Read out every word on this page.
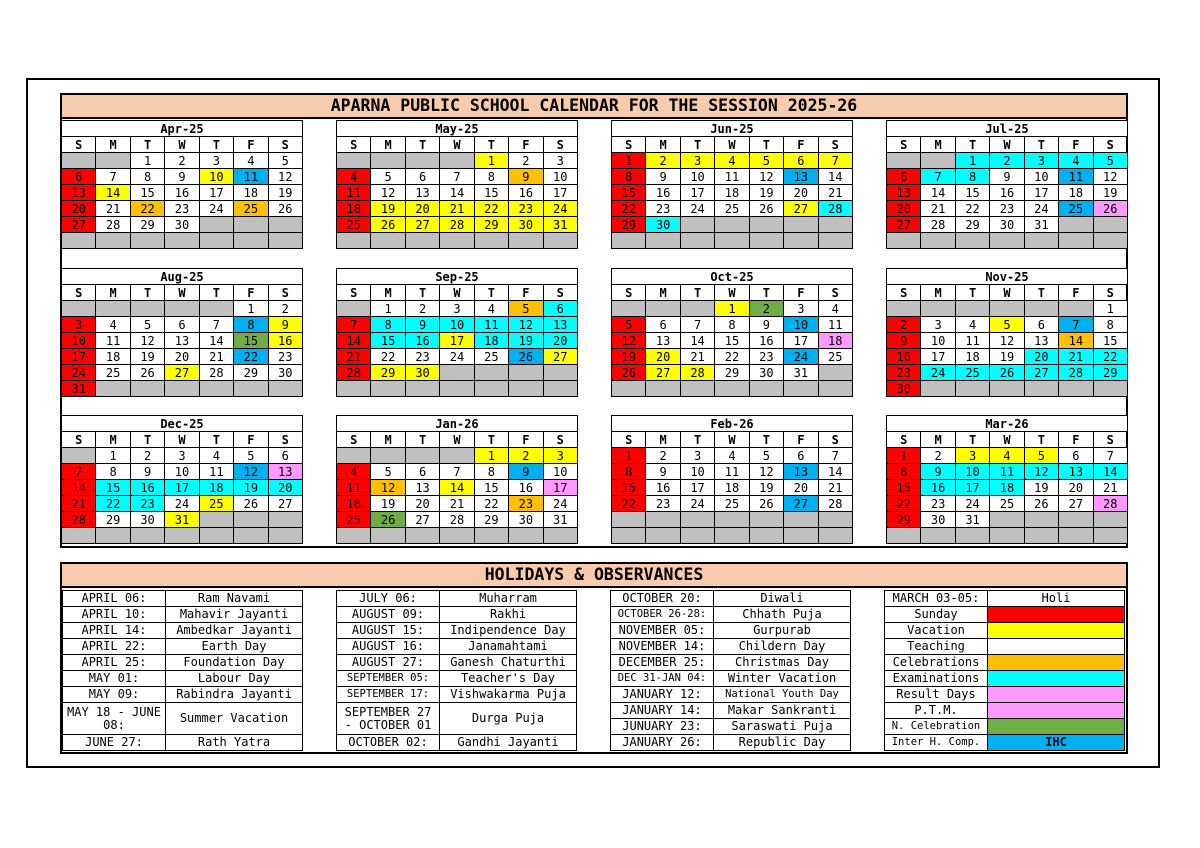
APARNA PUBLIC SCHOOL CALENDAR FOR THE SESSION 2025-26
Apr-25						
S	M	T	W	T	F	S
		1	2	3	4	5
6	7	8	9	10	11	12
13	14	15	16	17	18	19
20	21	22	23	24	25	26
27	28	29	30			

May-25						
S	M	T	W	T	F	S
				1	2	3
4	5	6	7	8	9	10
11	12	13	14	15	16	17
18	19	20	21	22	23	24
25	26	27	28	29	30	31

Jun-25						
S	M	T	W	T	F	S
1	2	3	4	5	6	7
8	9	10	11	12	13	14
15	16	17	18	19	20	21
22	23	24	25	26	27	28
29	30					

Jul-25						
S	M	T	W	T	F	S
		1	2	3	4	5
6	7	8	9	10	11	12
13	14	15	16	17	18	19
20	21	22	23	24	25	26
27	28	29	30	31		

Aug-25						
S	M	T	W	T	F	S
					1	2
3	4	5	6	7	8	9
10	11	12	13	14	15	16
17	18	19	20	21	22	23
24	25	26	27	28	29	30
31						
Sep-25						
S	M	T	W	T	F	S
	1	2	3	4	5	6
7	8	9	10	11	12	13
14	15	16	17	18	19	20
21	22	23	24	25	26	27
28	29	30				

Oct-25						
S	M	T	W	T	F	S
			1	2	3	4
5	6	7	8	9	10	11
12	13	14	15	16	17	18
19	20	21	22	23	24	25
26	27	28	29	30	31	

Nov-25						
S	M	T	W	T	F	S
						1
2	3	4	5	6	7	8
9	10	11	12	13	14	15
16	17	18	19	20	21	22
23	24	25	26	27	28	29
30						
Dec-25						
S	M	T	W	T	F	S
	1	2	3	4	5	6
7	8	9	10	11	12	13
14	15	16	17	18	19	20
21	22	23	24	25	26	27
28	29	30	31			

Jan-26						
S	M	T	W	T	F	S
				1	2	3
4	5	6	7	8	9	10
11	12	13	14	15	16	17
18	19	20	21	22	23	24
25	26	27	28	29	30	31

Feb-26						
S	M	T	W	T	F	S
1	2	3	4	5	6	7
8	9	10	11	12	13	14
15	16	17	18	19	20	21
22	23	24	25	26	27	28

Mar-26						
S	M	T	W	T	F	S
1	2	3	4	5	6	7
8	9	10	11	12	13	14
15	16	17	18	19	20	21
22	23	24	25	26	27	28
29	30	31				

HOLIDAYS & OBSERVANCES
APRIL 06:	Ram Navami
APRIL 10:	Mahavir Jayanti
APRIL 14:	Ambedkar Jayanti
APRIL 22:	Earth Day
APRIL 25:	Foundation Day
MAY 01:	Labour Day
MAY 09:	Rabindra Jayanti
MAY 18 - JUNE 08:	Summer Vacation
JUNE 27:	Rath Yatra
JULY 06:	Muharram
AUGUST 09:	Rakhi
AUGUST 15:	Indipendence Day
AUGUST 16:	Janamahtami
AUGUST 27:	Ganesh Chaturthi
SEPTEMBER 05:	Teacher's Day
SEPTEMBER 17:	Vishwakarma Puja
SEPTEMBER 27 - OCTOBER 01	Durga Puja
OCTOBER 02:	Gandhi Jayanti
OCTOBER 20:	Diwali
OCTOBER 26-28:	Chhath Puja
NOVEMBER 05:	Gurpurab
NOVEMBER 14:	Childern Day
DECEMBER 25:	Christmas Day
DEC 31-JAN 04:	Winter Vacation
JANUARY 12:	National Youth Day
JANUARY 14:	Makar Sankranti
JUNUARY 23:	Saraswati Puja
JANUARY 26:	Republic Day
MARCH 03-05:	Holi
Sunday	
Vacation	
Teaching	
Celebrations	
Examinations	
Result Days	
P.T.M.	
N. Celebration	
Inter H. Comp.	IHC
